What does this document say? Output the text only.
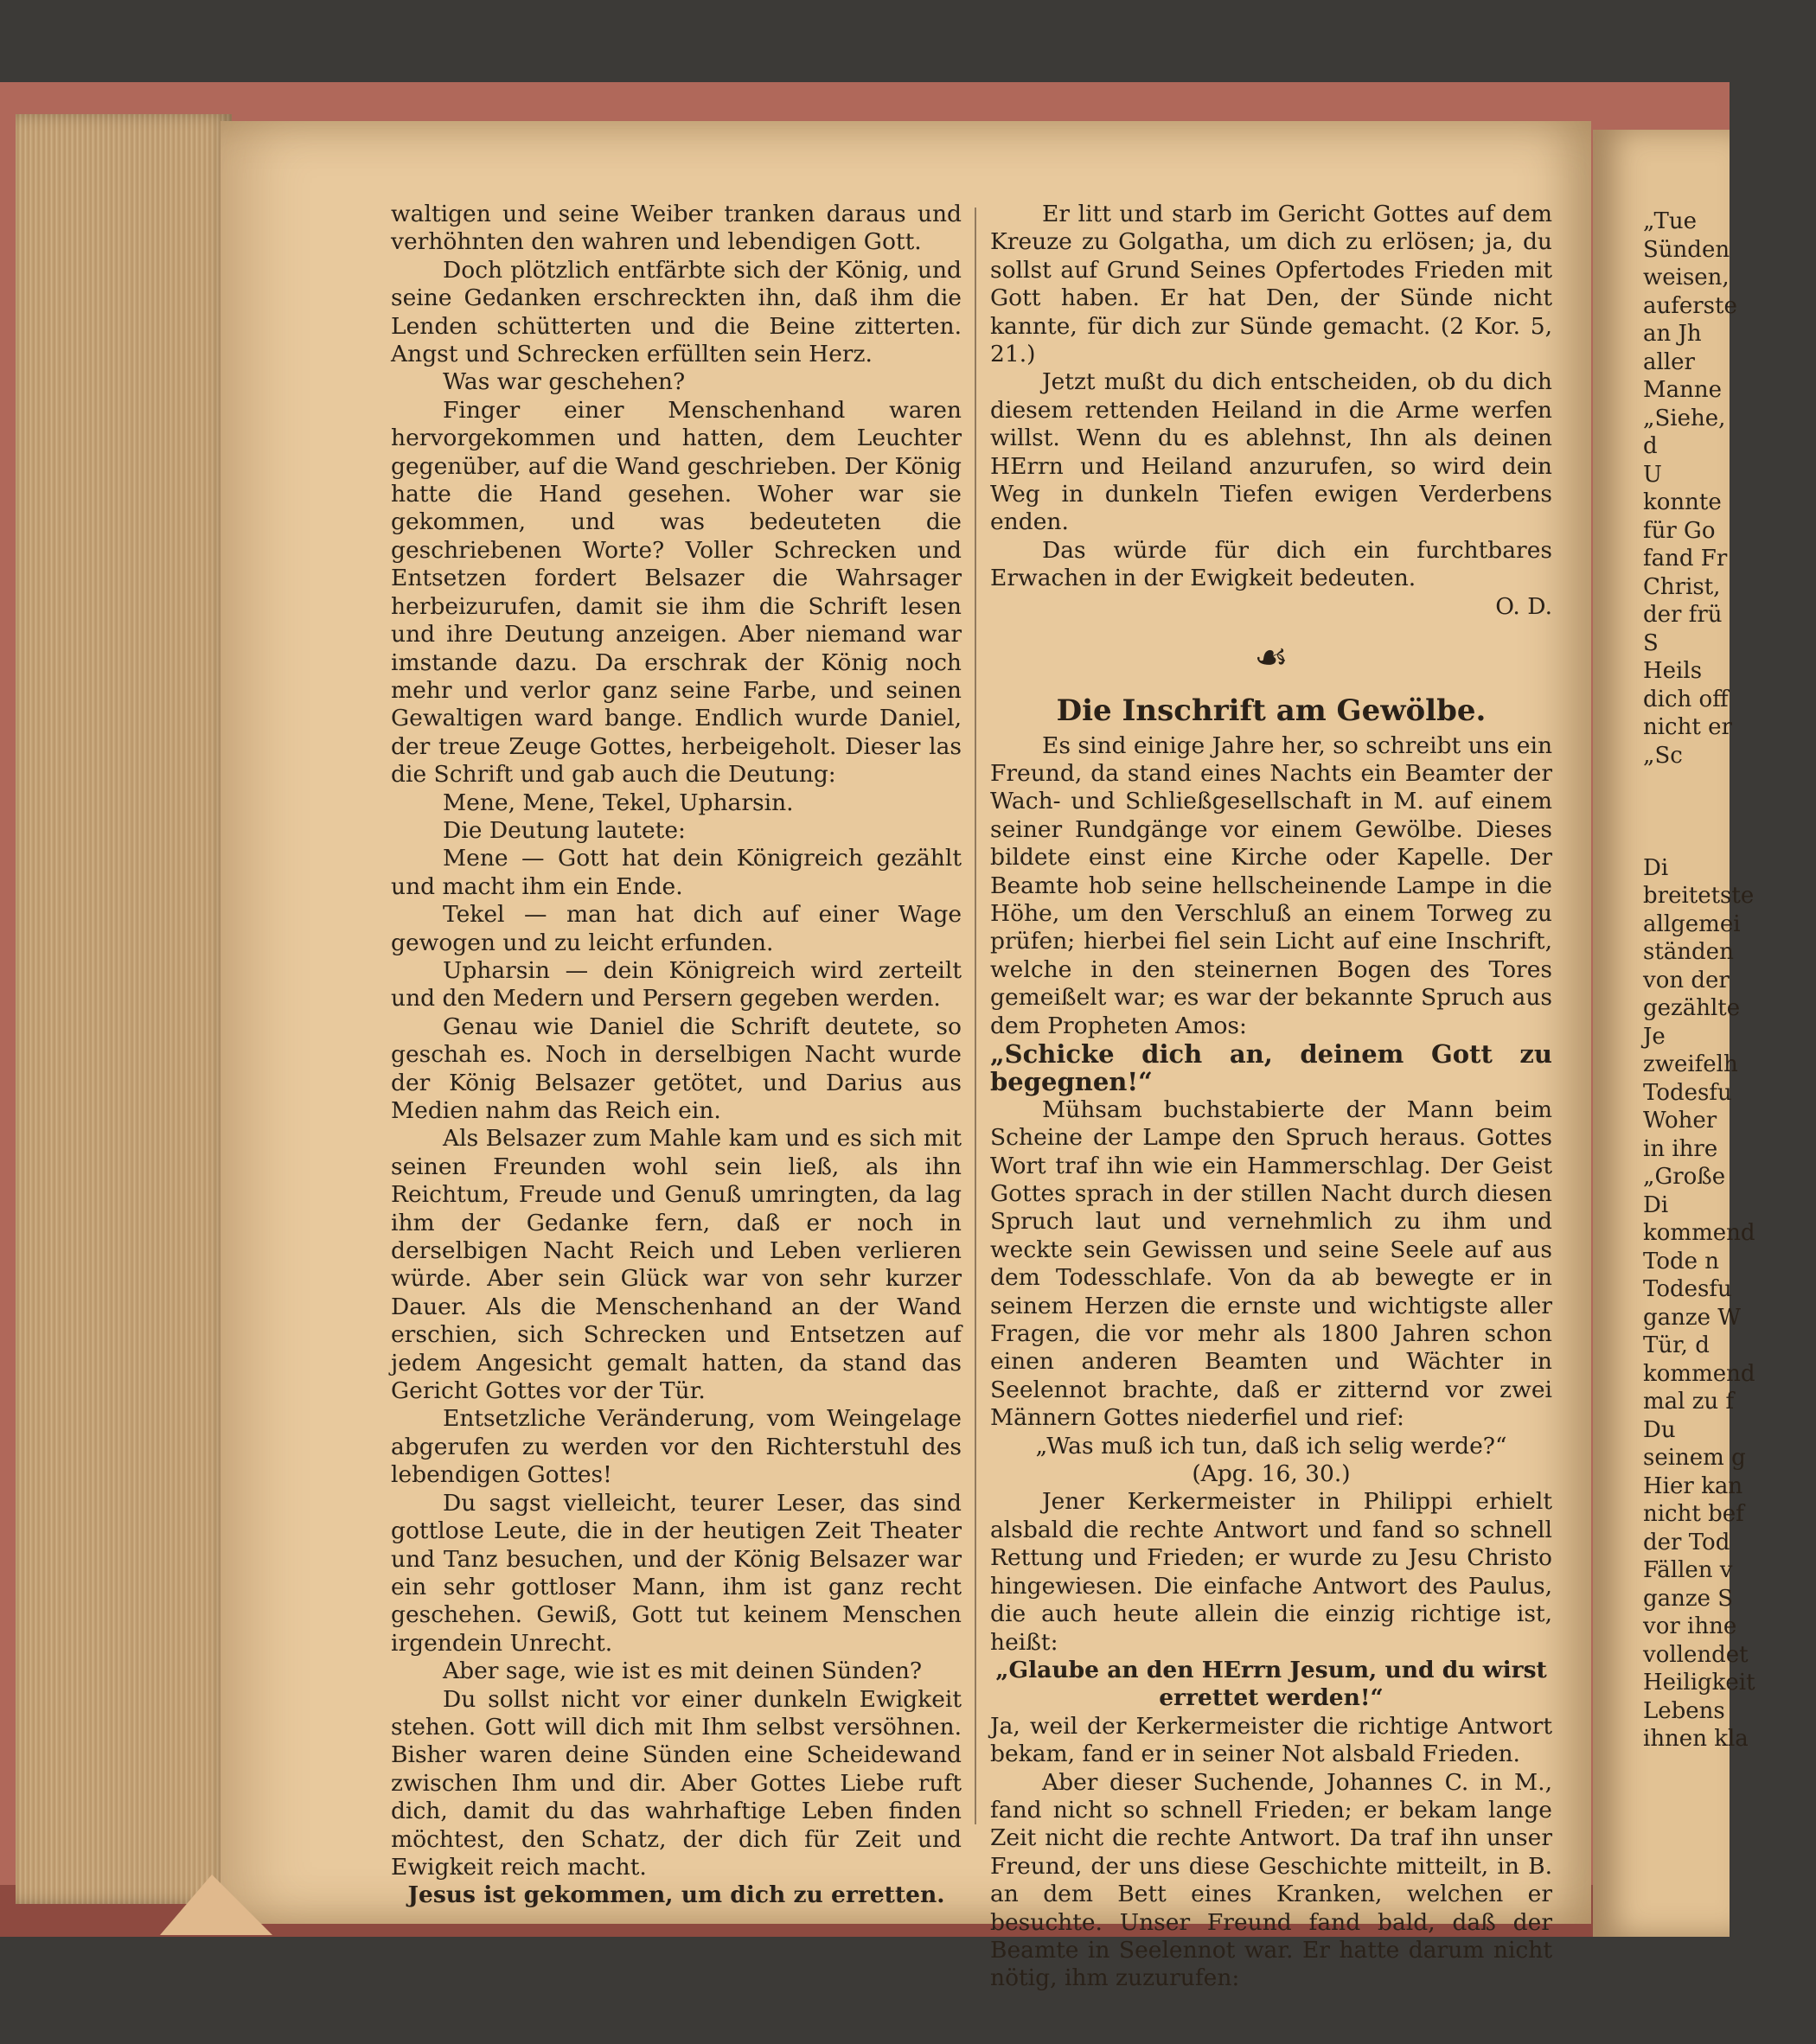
waltigen und seine Weiber tranken daraus und verhöhnten den wahren und lebendigen Gott.

Doch plötzlich entfärbte sich der König, und seine Gedanken erschreckten ihn, daß ihm die Lenden schütterten und die Beine zitterten. Angst und Schrecken erfüllten sein Herz.

Was war geschehen?

Finger einer Menschenhand waren hervorgekommen und hatten, dem Leuchter gegenüber, auf die Wand geschrieben. Der König hatte die Hand gesehen. Woher war sie gekommen, und was bedeuteten die geschriebenen Worte? Voller Schrecken und Entsetzen fordert Belsazer die Wahrsager herbeizurufen, damit sie ihm die Schrift lesen und ihre Deutung anzeigen. Aber niemand war imstande dazu. Da erschrak der König noch mehr und verlor ganz seine Farbe, und seinen Gewaltigen ward bange. Endlich wurde Daniel, der treue Zeuge Gottes, herbeigeholt. Dieser las die Schrift und gab auch die Deutung:

Mene, Mene, Tekel, Upharsin.

Die Deutung lautete:

Mene — Gott hat dein Königreich gezählt und macht ihm ein Ende.

Tekel — man hat dich auf einer Wage gewogen und zu leicht erfunden.

Upharsin — dein Königreich wird zerteilt und den Medern und Persern gegeben werden.

Genau wie Daniel die Schrift deutete, so geschah es. Noch in derselbigen Nacht wurde der König Belsazer getötet, und Darius aus Medien nahm das Reich ein.

Als Belsazer zum Mahle kam und es sich mit seinen Freunden wohl sein ließ, als ihn Reichtum, Freude und Genuß umringten, da lag ihm der Gedanke fern, daß er noch in derselbigen Nacht Reich und Leben verlieren würde. Aber sein Glück war von sehr kurzer Dauer. Als die Menschenhand an der Wand erschien, sich Schrecken und Entsetzen auf jedem Angesicht gemalt hatten, da stand das Gericht Gottes vor der Tür.

Entsetzliche Veränderung, vom Weingelage abgerufen zu werden vor den Richterstuhl des lebendigen Gottes!

Du sagst vielleicht, teurer Leser, das sind gottlose Leute, die in der heutigen Zeit Theater und Tanz besuchen, und der König Belsazer war ein sehr gottloser Mann, ihm ist ganz recht geschehen. Gewiß, Gott tut keinem Menschen irgendein Unrecht.

Aber sage, wie ist es mit deinen Sünden?

Du sollst nicht vor einer dunkeln Ewigkeit stehen. Gott will dich mit Ihm selbst versöhnen. Bisher waren deine Sünden eine Scheidewand zwischen Ihm und dir. Aber Gottes Liebe ruft dich, damit du das wahrhaftige Leben finden möchtest, den Schatz, der dich für Zeit und Ewigkeit reich macht.

Jesus ist gekommen, um dich zu erretten.

Er litt und starb im Gericht Gottes auf dem Kreuze zu Golgatha, um dich zu erlösen; ja, du sollst auf Grund Seines Opfertodes Frieden mit Gott haben. Er hat Den, der Sünde nicht kannte, für dich zur Sünde gemacht. (2 Kor. 5, 21.)

Jetzt mußt du dich entscheiden, ob du dich diesem rettenden Heiland in die Arme werfen willst. Wenn du es ablehnst, Ihn als deinen HErrn und Heiland anzurufen, so wird dein Weg in dunkeln Tiefen ewigen Verderbens enden.

Das würde für dich ein furchtbares Erwachen in der Ewigkeit bedeuten.

O. D.

☙
Die Inschrift am Gewölbe.

Es sind einige Jahre her, so schreibt uns ein Freund, da stand eines Nachts ein Beamter der Wach- und Schließgesellschaft in M. auf einem seiner Rundgänge vor einem Gewölbe. Dieses bildete einst eine Kirche oder Kapelle. Der Beamte hob seine hellscheinende Lampe in die Höhe, um den Verschluß an einem Torweg zu prüfen; hierbei fiel sein Licht auf eine Inschrift, welche in den steinernen Bogen des Tores gemeißelt war; es war der bekannte Spruch aus dem Propheten Amos:

„Schicke dich an, deinem Gott zu begegnen!“

Mühsam buchstabierte der Mann beim Scheine der Lampe den Spruch heraus. Gottes Wort traf ihn wie ein Hammerschlag. Der Geist Gottes sprach in der stillen Nacht durch diesen Spruch laut und vernehmlich zu ihm und weckte sein Gewissen und seine Seele auf aus dem Todesschlafe. Von da ab bewegte er in seinem Herzen die ernste und wichtigste aller Fragen, die vor mehr als 1800 Jahren schon einen anderen Beamten und Wächter in Seelennot brachte, daß er zitternd vor zwei Männern Gottes niederfiel und rief:

„Was muß ich tun, daß ich selig werde?“

(Apg. 16, 30.)

Jener Kerkermeister in Philippi erhielt alsbald die rechte Antwort und fand so schnell Rettung und Frieden; er wurde zu Jesu Christo hingewiesen. Die einfache Antwort des Paulus, die auch heute allein die einzig richtige ist, heißt:

„Glaube an den HErrn Jesum, und du wirst errettet werden!“

Ja, weil der Kerkermeister die richtige Antwort bekam, fand er in seiner Not alsbald Frieden.

Aber dieser Suchende, Johannes C. in M., fand nicht so schnell Frieden; er bekam lange Zeit nicht die rechte Antwort. Da traf ihn unser Freund, der uns diese Geschichte mitteilt, in B. an dem Bett eines Kranken, welchen er besuchte. Unser Freund fand bald, daß der Beamte in Seelennot war. Er hatte darum nicht nötig, ihm zuzurufen:

„Tue
Sünden
weisen,
auferste
an Jh
aller
Manne
„Siehe,
d
U
konnte
für Go
fand Fr
Christ,
der frü
S
Heils
dich off
nicht er
„Sc
Di
breitetste
allgemei
ständen
von der
gezählte
Je
zweifelh
Todesfu
Woher
in ihre
„Große
Di
kommend
Tode n
Todesfu
ganze W
Tür, d
kommend
mal zu f
Du
seinem g
Hier kan
nicht bef
der Tod
Fällen v
ganze S
vor ihne
vollendet
Heiligkeit
Lebens
ihnen kla
